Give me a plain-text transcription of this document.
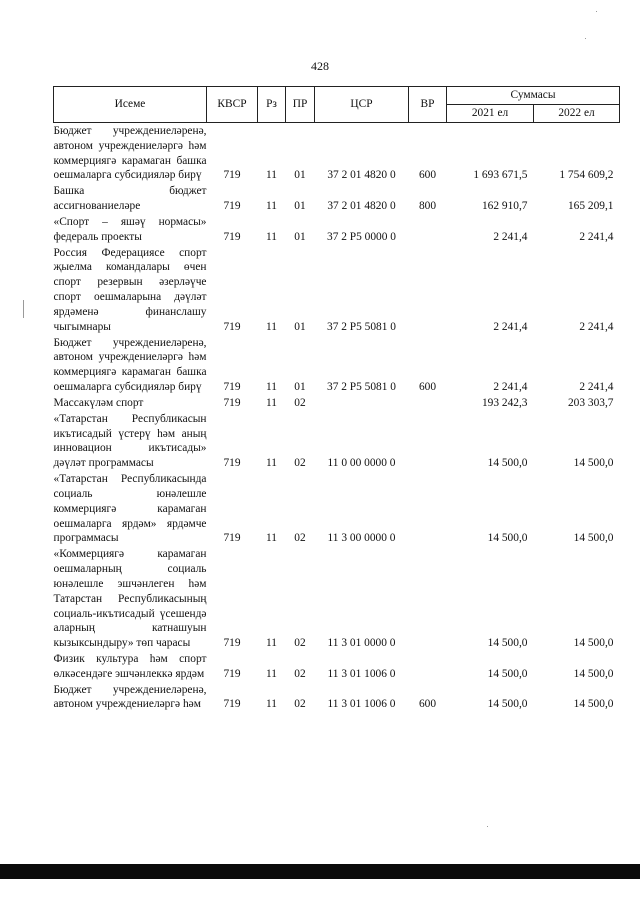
428
Исеме	КВСР	Рз	ПР	ЦСР	ВР	Суммасы	
						2021 ел	2022 ел
Бюджет учреждениеләренә, автоном учреждениеләргә һәм коммерциягә карамаган башка оешмаларга субсидияләр бирү	719	11	01	37 2 01 4820 0	600	1 693 671,5	1 754 609,2
Башка бюджет ассигнованиеләре	719	11	01	37 2 01 4820 0	800	162 910,7	165 209,1
«Спорт – яшәү нормасы» федераль проекты	719	11	01	37 2 P5 0000 0		2 241,4	2 241,4
Россия Федерациясе спорт җыелма командалары өчен спорт резервын әзерләүче спорт оешмаларына дәүләт ярдәменә финанслашу чыгымнары	719	11	01	37 2 P5 5081 0		2 241,4	2 241,4
Бюджет учреждениеләренә, автоном учреждениеләргә һәм коммерциягә карамаган башка оешмаларга субсидияләр бирү	719	11	01	37 2 P5 5081 0	600	2 241,4	2 241,4
Массакүләм спорт	719	11	02			193 242,3	203 303,7
«Татарстан Республикасын икътисадый үстерү һәм аның инновацион икътисады» дәүләт программасы	719	11	02	11 0 00 0000 0		14 500,0	14 500,0
«Татарстан Республикасында социаль юнәлешле коммерциягә карамаган оешмаларга ярдәм» ярдәмче программасы	719	11	02	11 3 00 0000 0		14 500,0	14 500,0
«Коммерциягә карамаган оешмаларның социаль юнәлешле эшчәнлеген һәм Татарстан Республикасының социаль-икътисадый үсешендә аларның катнашуын кызыксындыру» төп чарасы	719	11	02	11 3 01 0000 0		14 500,0	14 500,0
Физик культура һәм спорт өлкәсендәге эшчәнлеккә ярдәм	719	11	02	11 3 01 1006 0		14 500,0	14 500,0
Бюджет учреждениеләренә, автоном учреждениеләргә һәм	719	11	02	11 3 01 1006 0	600	14 500,0	14 500,0
